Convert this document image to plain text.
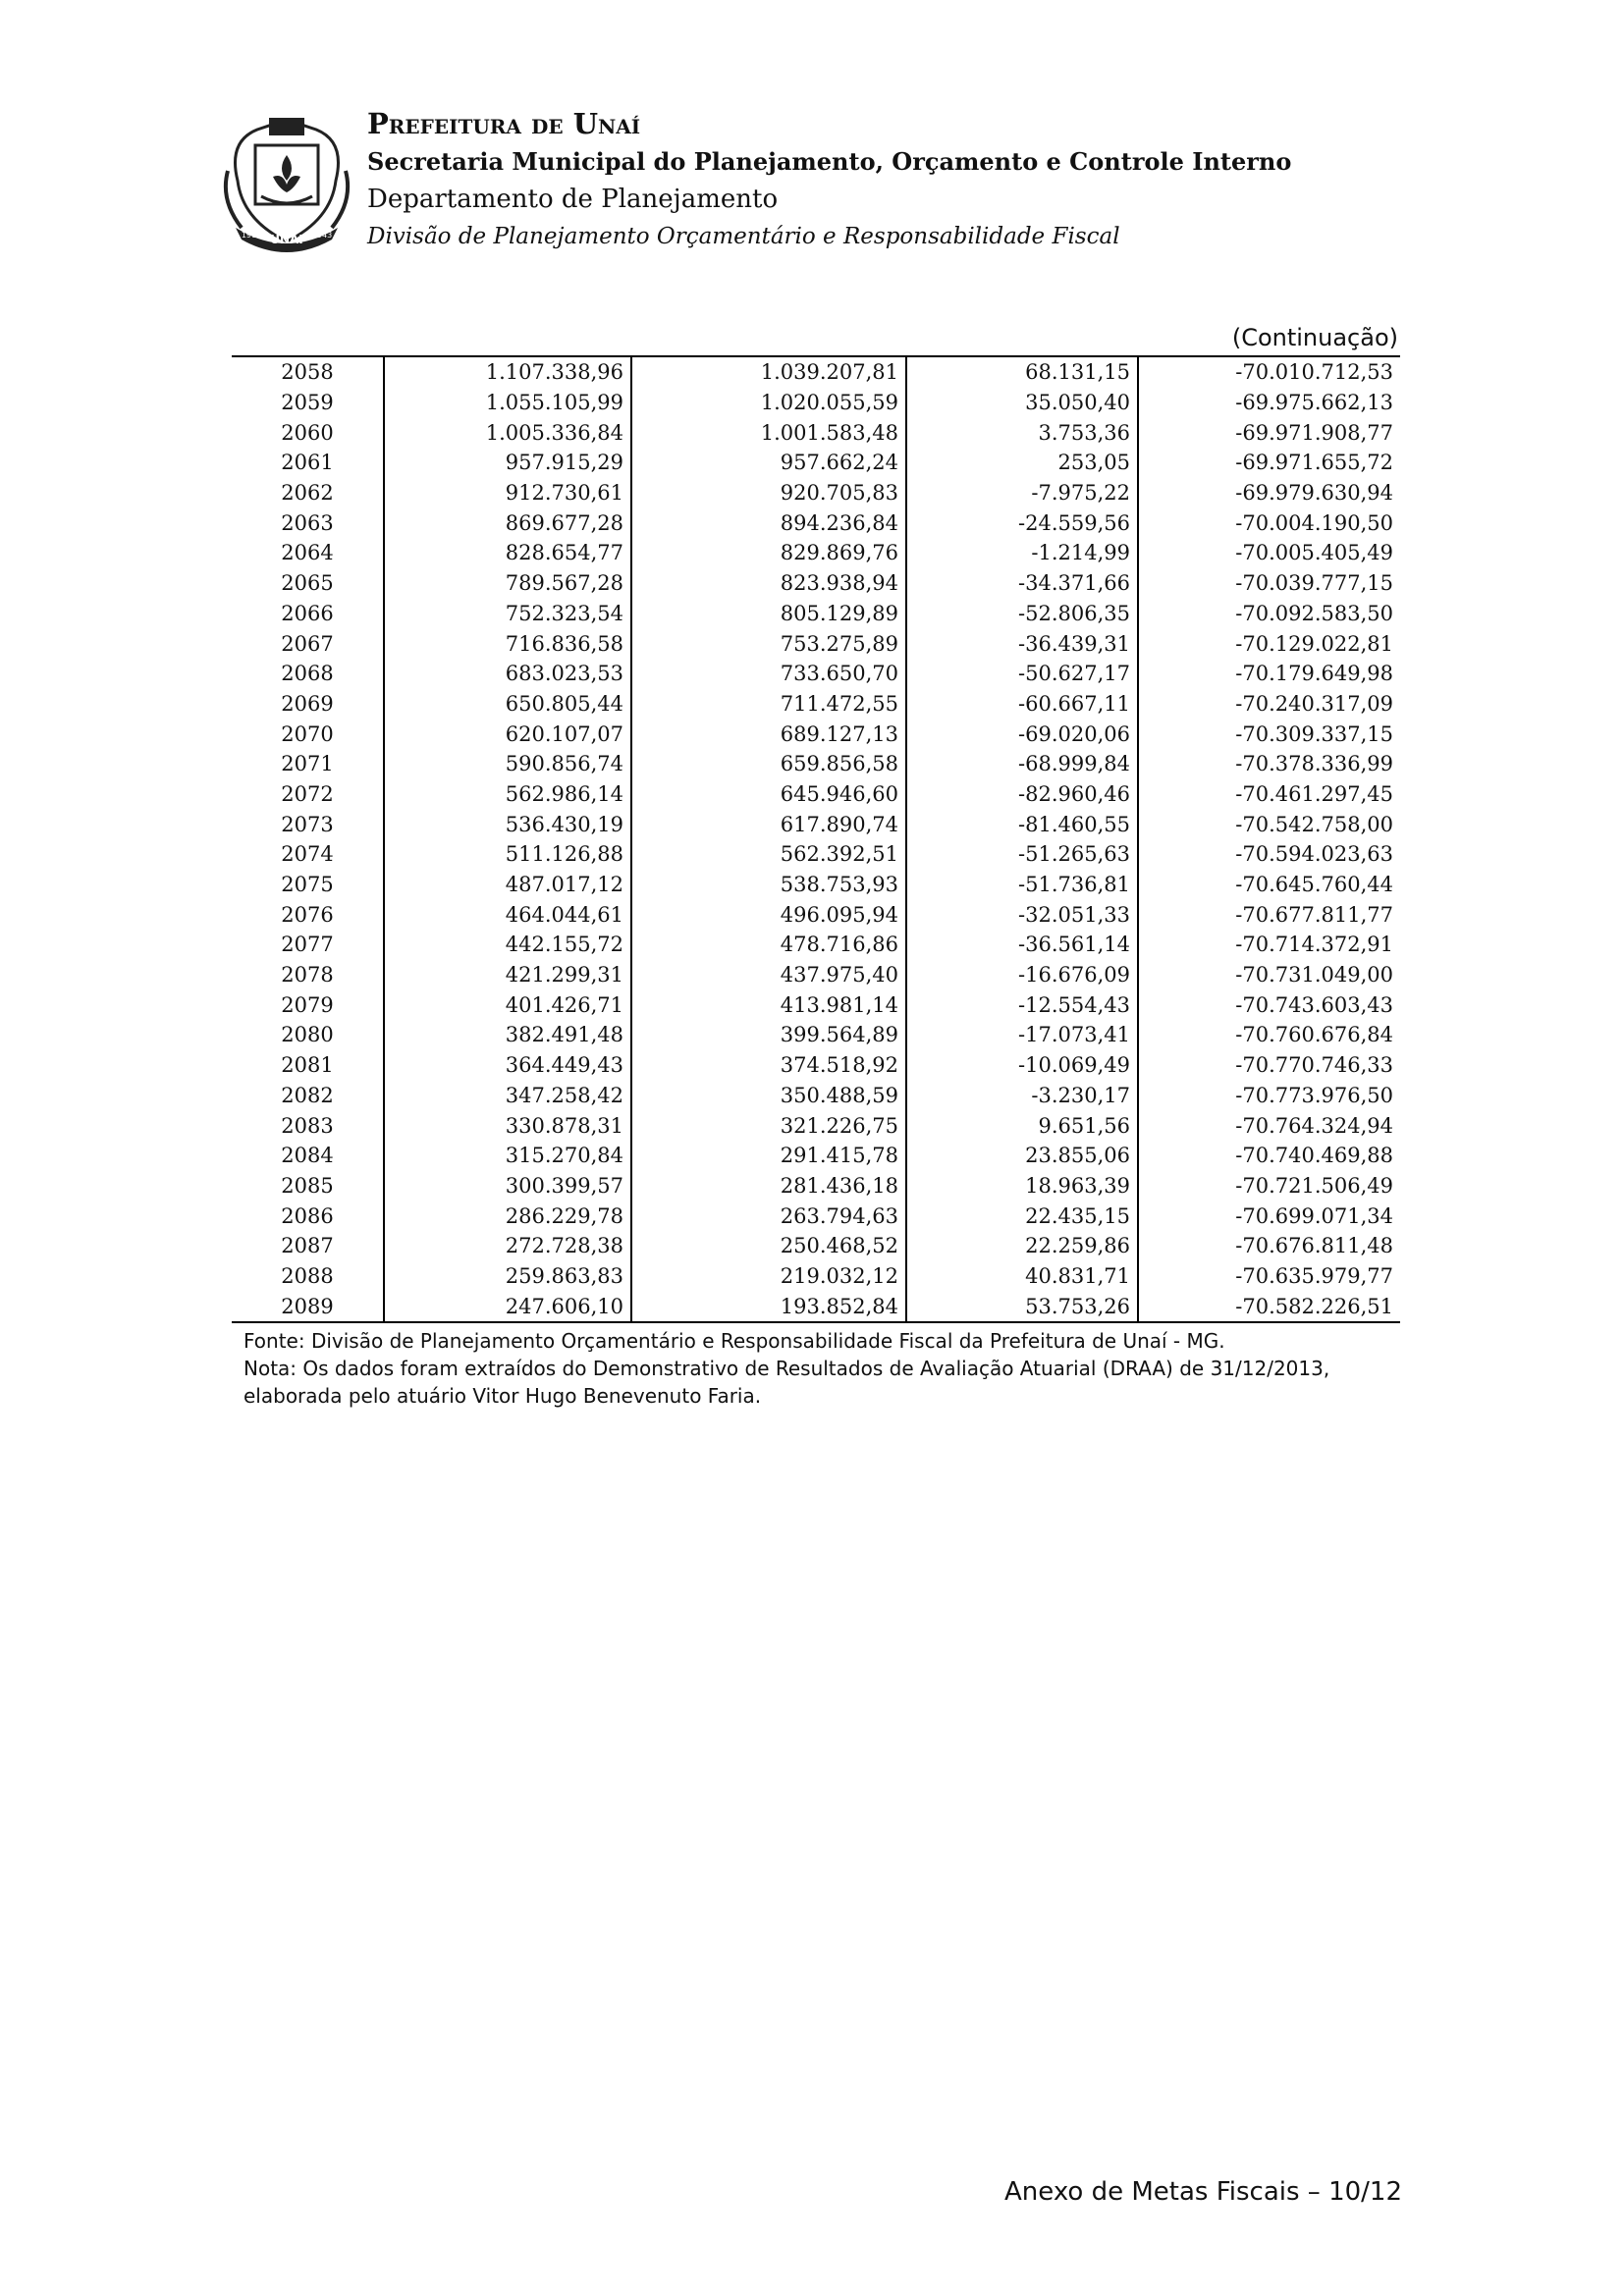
UNAI
1919	1943
Prefeitura de Unaí
Secretaria Municipal do Planejamento, Orçamento e Controle Interno
Departamento de Planejamento
Divisão de Planejamento Orçamentário e Responsabilidade Fiscal
(Continuação)
2058	1.107.338,96	1.039.207,81	68.131,15	-70.010.712,53
2059	1.055.105,99	1.020.055,59	35.050,40	-69.975.662,13
2060	1.005.336,84	1.001.583,48	3.753,36	-69.971.908,77
2061	957.915,29	957.662,24	253,05	-69.971.655,72
2062	912.730,61	920.705,83	-7.975,22	-69.979.630,94
2063	869.677,28	894.236,84	-24.559,56	-70.004.190,50
2064	828.654,77	829.869,76	-1.214,99	-70.005.405,49
2065	789.567,28	823.938,94	-34.371,66	-70.039.777,15
2066	752.323,54	805.129,89	-52.806,35	-70.092.583,50
2067	716.836,58	753.275,89	-36.439,31	-70.129.022,81
2068	683.023,53	733.650,70	-50.627,17	-70.179.649,98
2069	650.805,44	711.472,55	-60.667,11	-70.240.317,09
2070	620.107,07	689.127,13	-69.020,06	-70.309.337,15
2071	590.856,74	659.856,58	-68.999,84	-70.378.336,99
2072	562.986,14	645.946,60	-82.960,46	-70.461.297,45
2073	536.430,19	617.890,74	-81.460,55	-70.542.758,00
2074	511.126,88	562.392,51	-51.265,63	-70.594.023,63
2075	487.017,12	538.753,93	-51.736,81	-70.645.760,44
2076	464.044,61	496.095,94	-32.051,33	-70.677.811,77
2077	442.155,72	478.716,86	-36.561,14	-70.714.372,91
2078	421.299,31	437.975,40	-16.676,09	-70.731.049,00
2079	401.426,71	413.981,14	-12.554,43	-70.743.603,43
2080	382.491,48	399.564,89	-17.073,41	-70.760.676,84
2081	364.449,43	374.518,92	-10.069,49	-70.770.746,33
2082	347.258,42	350.488,59	-3.230,17	-70.773.976,50
2083	330.878,31	321.226,75	9.651,56	-70.764.324,94
2084	315.270,84	291.415,78	23.855,06	-70.740.469,88
2085	300.399,57	281.436,18	18.963,39	-70.721.506,49
2086	286.229,78	263.794,63	22.435,15	-70.699.071,34
2087	272.728,38	250.468,52	22.259,86	-70.676.811,48
2088	259.863,83	219.032,12	40.831,71	-70.635.979,77
2089	247.606,10	193.852,84	53.753,26	-70.582.226,51

Fonte: Divisão de Planejamento Orçamentário e Responsabilidade Fiscal da Prefeitura de Unaí - MG.

Nota: Os dados foram extraídos do Demonstrativo de Resultados de Avaliação Atuarial (DRAA) de 31/12/2013,

elaborada pelo atuário Vitor Hugo Benevenuto Faria.

Anexo de Metas Fiscais – 10/12
